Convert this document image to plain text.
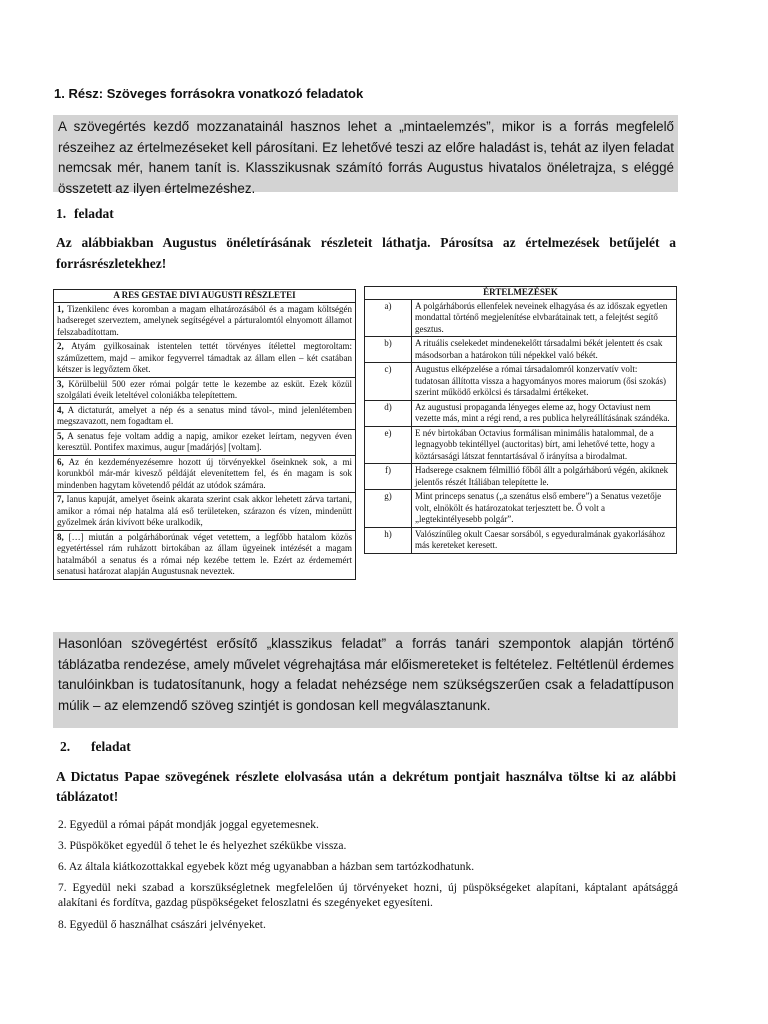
1. Rész: Szöveges forrásokra vonatkozó feladatok

A szövegértés kezdő mozzanatainál hasznos lehet a „mintaelemzés”, mikor is a forrás megfelelő részeihez az értelmezéseket kell párosítani. Ez lehetővé teszi az előre haladást is, tehát az ilyen feladat nemcsak mér, hanem tanít is. Klasszikusnak számító forrás Augustus hivatalos önéletrajza, s eléggé összetett az ilyen értelmezéshez.

1. feladat
Az alábbiakban Augustus önéletírásának részleteit láthatja. Párosítsa az értelmezések betűjelét a forrásrészletekhez!
A RES GESTAE DIVI AUGUSTI RÉSZLETEI
1, Tizenkilenc éves koromban a magam elhatározásából és a magam költségén hadsereget szerveztem, amelynek segítségével a párturalomtól elnyomott államot felszabadítottam.
2, Atyám gyilkosainak istentelen tettét törvényes ítélettel megtoroltam: száműzettem, majd – amikor fegyverrel támadtak az állam ellen – két csatában kétszer is legyőztem őket.
3, Körülbelül 500 ezer római polgár tette le kezembe az esküt. Ezek közül szolgálati éveik leteltével coloniákba telepítettem.
4, A dictaturát, amelyet a nép és a senatus mind távol-, mind jelenlétemben megszavazott, nem fogadtam el.
5, A senatus feje voltam addig a napig, amikor ezeket leírtam, negyven éven keresztül. Pontifex maximus, augur [madárjós] [voltam].
6, Az én kezdeményezésemre hozott új törvényekkel őseinknek sok, a mi korunkból már-már kivesző példáját elevenítettem fel, és én magam is sok mindenben hagytam követendő példát az utódok számára.
7, Ianus kapuját, amelyet őseink akarata szerint csak akkor lehetett zárva tartani, amikor a római nép hatalma alá eső területeken, szárazon és vízen, mindenütt győzelmek árán kivívott béke uralkodik,
8, […] miután a polgárháborúnak véget vetettem, a legfőbb hatalom közös egyetértéssel rám ruházott birtokában az állam ügyeinek intézését a magam hatalmából a senatus és a római nép kezébe tettem le. Ezért az érdememért senatusi határozat alapján Augustusnak neveztek.
ÉRTELMEZÉSEK	
a)	A polgárháborús ellenfelek neveinek elhagyása és az időszak egyetlen mondattal történő megjelenítése elvbarátainak tett, a felejtést segítő gesztus.
b)	A rituális cselekedet mindenekelőtt társadalmi békét jelentett és csak másodsorban a határokon túli népekkel való békét.
c)	Augustus elképzelése a római társadalomról konzervatív volt: tudatosan állította vissza a hagyományos mores maiorum (ősi szokás) szerint működő erkölcsi és társadalmi értékeket.
d)	Az augustusi propaganda lényeges eleme az, hogy Octaviust nem vezette más, mint a régi rend, a res publica helyreállításának szándéka.
e)	E név birtokában Octavius formálisan minimális hatalommal, de a legnagyobb tekintéllyel (auctoritas) bírt, ami lehetővé tette, hogy a köztársasági látszat fenntartásával ő irányítsa a birodalmat.
f)	Hadserege csaknem félmillió főből állt a polgárháború végén, akiknek jelentős részét Itáliában telepítette le.
g)	Mint princeps senatus („a szenátus első embere”) a Senatus vezetője volt, elnökölt és határozatokat terjesztett be. Ő volt a „legtekintélyesebb polgár”.
h)	Valószínűleg okult Caesar sorsából, s egyeduralmának gyakorlásához más kereteket keresett.

Hasonlóan szövegértést erősítő „klasszikus feladat” a forrás tanári szempontok alapján történő táblázatba rendezése, amely művelet végrehajtása már előismereteket is feltételez. Feltétlenül érdemes tanulóinkban is tudatosítanunk, hogy a feladat nehézsége nem szükségszerűen csak a feladattípuson múlik – az elemzendő szöveg szintjét is gondosan kell megválasztanunk.

2. feladat
A Dictatus Papae szövegének részlete elolvasása után a dekrétum pontjait használva töltse ki az alábbi táblázatot!
2. Egyedül a római pápát mondják joggal egyetemesnek.
3. Püspököket egyedül ő tehet le és helyezhet székükbe vissza.
6. Az általa kiátkozottakkal egyebek közt még ugyanabban a házban sem tartózkodhatunk.
7. Egyedül neki szabad a korszükségletnek megfelelően új törvényeket hozni, új püspökségeket alapítani, káptalant apátsággá alakítani és fordítva, gazdag püspökségeket feloszlatni és szegényeket egyesíteni.
8. Egyedül ő használhat császári jelvényeket.
